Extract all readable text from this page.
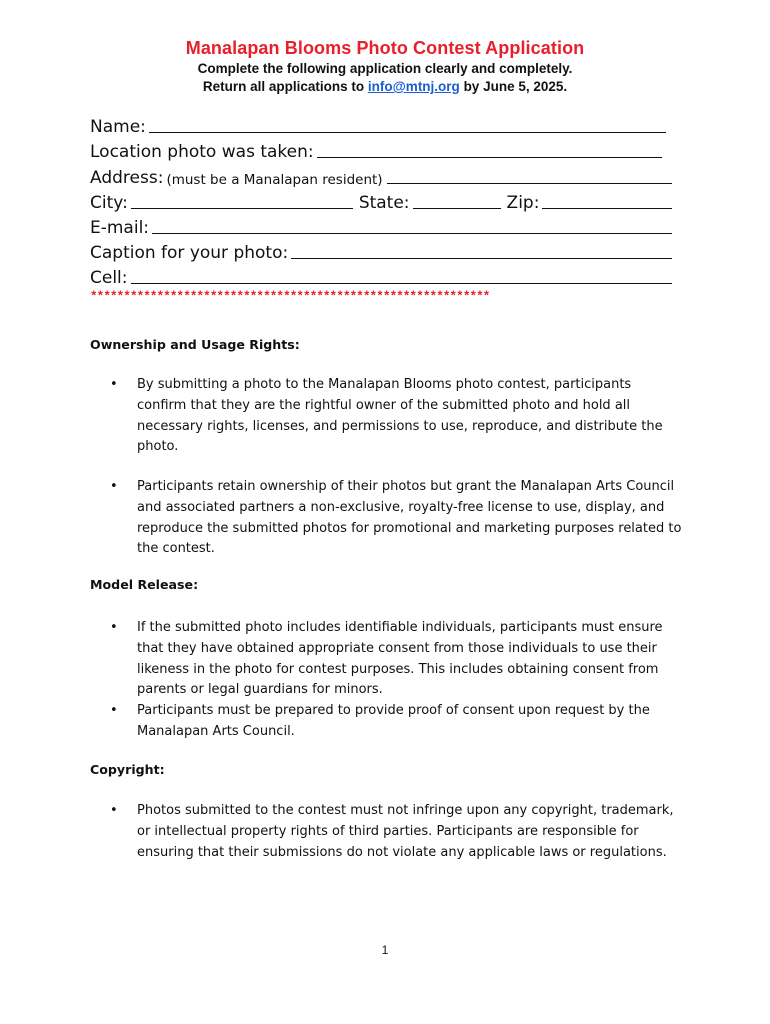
Manalapan Blooms Photo Contest Application
Complete the following application clearly and completely.
Return all applications to info@mtnj.org by June 5, 2025.
Name:
Location photo was taken:
Address: (must be a Manalapan resident)
City:	State:	Zip:
E-mail:
Caption for your photo:
Cell:
************************************************************
Ownership and Usage Rights:
• By submitting a photo to the Manalapan Blooms photo contest, participants confirm that they are the rightful owner of the submitted photo and hold all necessary rights, licenses, and permissions to use, reproduce, and distribute the photo.
• Participants retain ownership of their photos but grant the Manalapan Arts Council and associated partners a non-exclusive, royalty-free license to use, display, and reproduce the submitted photos for promotional and marketing purposes related to the contest.
Model Release:
• If the submitted photo includes identifiable individuals, participants must ensure that they have obtained appropriate consent from those individuals to use their likeness in the photo for contest purposes. This includes obtaining consent from parents or legal guardians for minors.
• Participants must be prepared to provide proof of consent upon request by the Manalapan Arts Council.
Copyright:
• Photos submitted to the contest must not infringe upon any copyright, trademark, or intellectual property rights of third parties. Participants are responsible for ensuring that their submissions do not violate any applicable laws or regulations.
1
